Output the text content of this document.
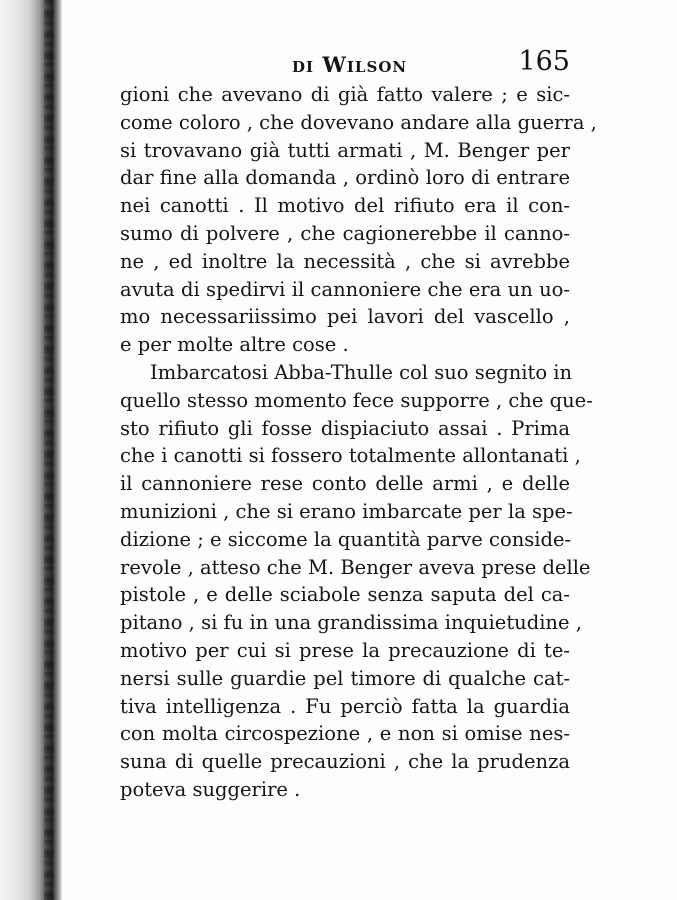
di Wilson	165
gioni che avevano di già fatto valere ; e sic-
come coloro , che dovevano andare alla guerra ,
si trovavano già tutti armati , M. Benger per
dar fine alla domanda , ordinò loro di entrare
nei canotti . Il motivo del rifiuto era il con-
sumo di polvere , che cagionerebbe il canno-
ne , ed inoltre la necessità , che si avrebbe
avuta di spedirvi il cannoniere che era un uo-
mo necessariissimo pei lavori del vascello ,
e per molte altre cose .
Imbarcatosi Abba-Thulle col suo segnito in
quello stesso momento fece supporre , che que-
sto rifiuto gli fosse dispiaciuto assai . Prima
che i canotti si fossero totalmente allontanati ,
il cannoniere rese conto delle armi , e delle
munizioni , che si erano imbarcate per la spe-
dizione ; e siccome la quantità parve conside-
revole , atteso che M. Benger aveva prese delle
pistole , e delle sciabole senza saputa del ca-
pitano , si fu in una grandissima inquietudine ,
motivo per cui si prese la precauzione di te-
nersi sulle guardie pel timore di qualche cat-
tiva intelligenza . Fu perciò fatta la guardia
con molta circospezione , e non si omise nes-
suna di quelle precauzioni , che la prudenza
poteva suggerire .
